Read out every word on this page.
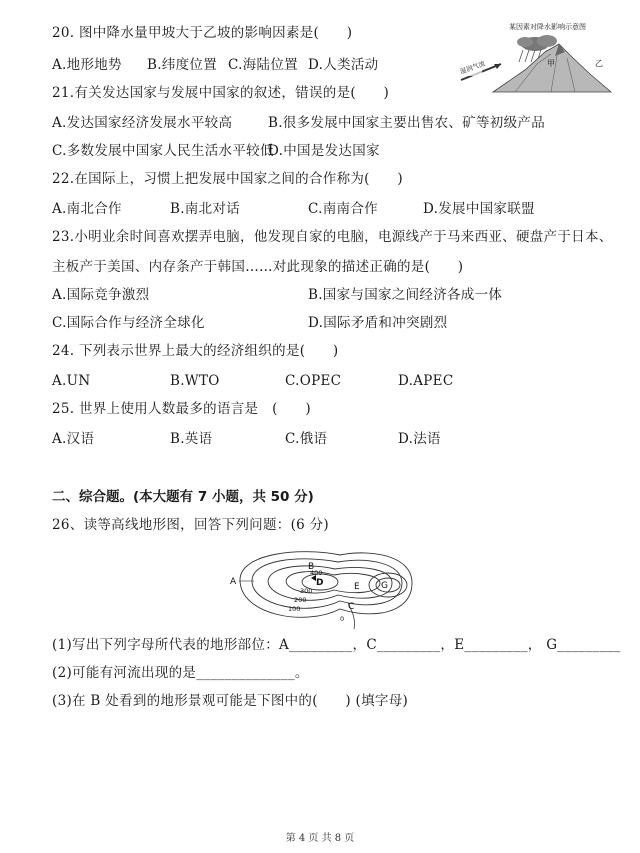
20. 图中降水量甲坡大于乙坡的影响因素是(　　)
A.地形地势 B.纬度位置 C.海陆位置 D.人类活动
某因素对降水影响示意图
湿润气流	甲	乙
21.有关发达国家与发展中国家的叙述，错误的是(　　)
A.发达国家经济发展水平较高	B.很多发展中国家主要出售农、矿等初级产品
C.多数发展中国家人民生活水平较低
D.中国是发达国家
22.在国际上，习惯上把发展中国家之间的合作称为(　　)
A.南北合作	B.南北对话	C.南南合作	D.发展中国家联盟
23.小明业余时间喜欢摆弄电脑，他发现自家的电脑，电源线产于马来西亚、硬盘产于日本、
主板产于美国、内存条产于韩国……对此现象的描述正确的是(　　)
A.国际竞争激烈	B.国家与国家之间经济各成一体
C.国际合作与经济全球化	D.国际矛盾和冲突剧烈
24. 下列表示世界上最大的经济组织的是(　　)
A.UN	B.WTO	C.OPEC	D.APEC
25. 世界上使用人数最多的语言是　(　　)
A.汉语	B.英语	C.俄语	D.法语
二、综合题。(本大题有 7 小题，共 50 分)
26、读等高线地形图，回答下列问题：(6 分)
A
B
C
D	E G
100
200
300
400
0
(1)写出下列字母所代表的地形部位：A_________，C_________，E_________， G_________
(2)可能有河流出现的是______________。
(3)在 B 处看到的地形景观可能是下图中的(　　) (填字母)
第 4 页 共 8 页
